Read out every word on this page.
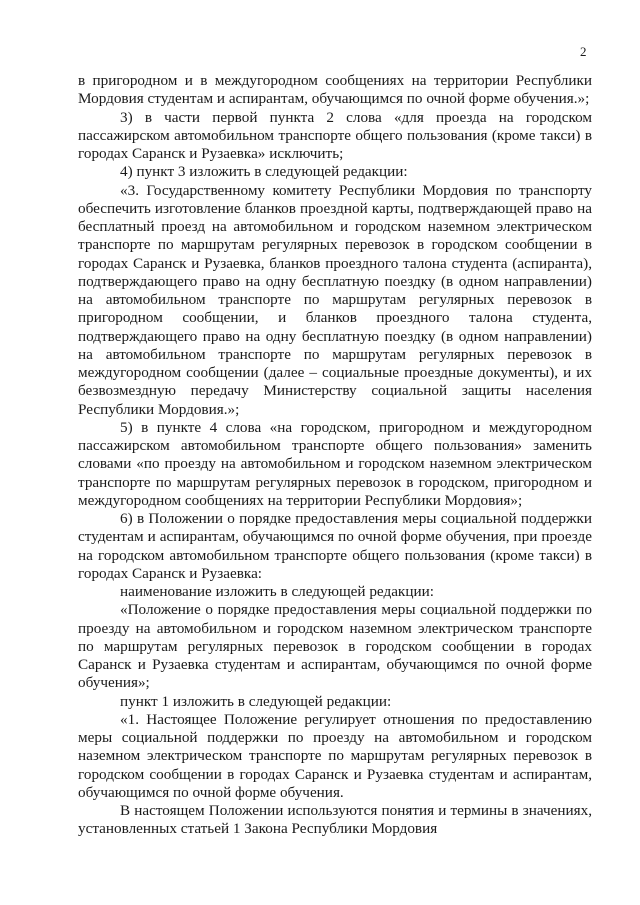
2

в пригородном и в междугородном сообщениях на территории Республики Мордовия студентам и аспирантам, обучающимся по очной форме обучения.»;

3) в части первой пункта 2 слова «для проезда на городском пассажирском автомобильном транспорте общего пользования (кроме такси) в городах Саранск и Рузаевка» исключить;

4) пункт 3 изложить в следующей редакции:

«3. Государственному комитету Республики Мордовия по транспорту обеспечить изготовление бланков проездной карты, подтверждающей право на бесплатный проезд на автомобильном и городском наземном электрическом транспорте по маршрутам регулярных перевозок в городском сообщении в городах Саранск и Рузаевка, бланков проездного талона студента (аспиранта), подтверждающего право на одну бесплатную поездку (в одном направлении) на автомобильном транспорте по маршрутам регулярных перевозок в пригородном сообщении, и бланков проездного талона студента, подтверждающего право на одну бесплатную поездку (в одном направлении) на автомобильном транспорте по маршрутам регулярных перевозок в междугородном сообщении (далее – социальные проездные документы), и их безвозмездную передачу Министерству социальной защиты населения Республики Мордовия.»;

5) в пункте 4 слова «на городском, пригородном и междугородном пассажирском автомобильном транспорте общего пользования» заменить словами «по проезду на автомобильном и городском наземном электрическом транспорте по маршрутам регулярных перевозок в городском, пригородном и междугородном сообщениях на территории Республики Мордовия»;

6) в Положении о порядке предоставления меры социальной поддержки студентам и аспирантам, обучающимся по очной форме обучения, при проезде на городском автомобильном транспорте общего пользования (кроме такси) в городах Саранск и Рузаевка:

наименование изложить в следующей редакции:

«Положение о порядке предоставления меры социальной поддержки по проезду на автомобильном и городском наземном электрическом транспорте по маршрутам регулярных перевозок в городском сообщении в городах Саранск и Рузаевка студентам и аспирантам, обучающимся по очной форме обучения»;

пункт 1 изложить в следующей редакции:

«1. Настоящее Положение регулирует отношения по предоставлению меры социальной поддержки по проезду на автомобильном и городском наземном электрическом транспорте по маршрутам регулярных перевозок в городском сообщении в городах Саранск и Рузаевка студентам и аспирантам, обучающимся по очной форме обучения.

В настоящем Положении используются понятия и термины в значениях, установленных статьей 1 Закона Республики Мордовия
